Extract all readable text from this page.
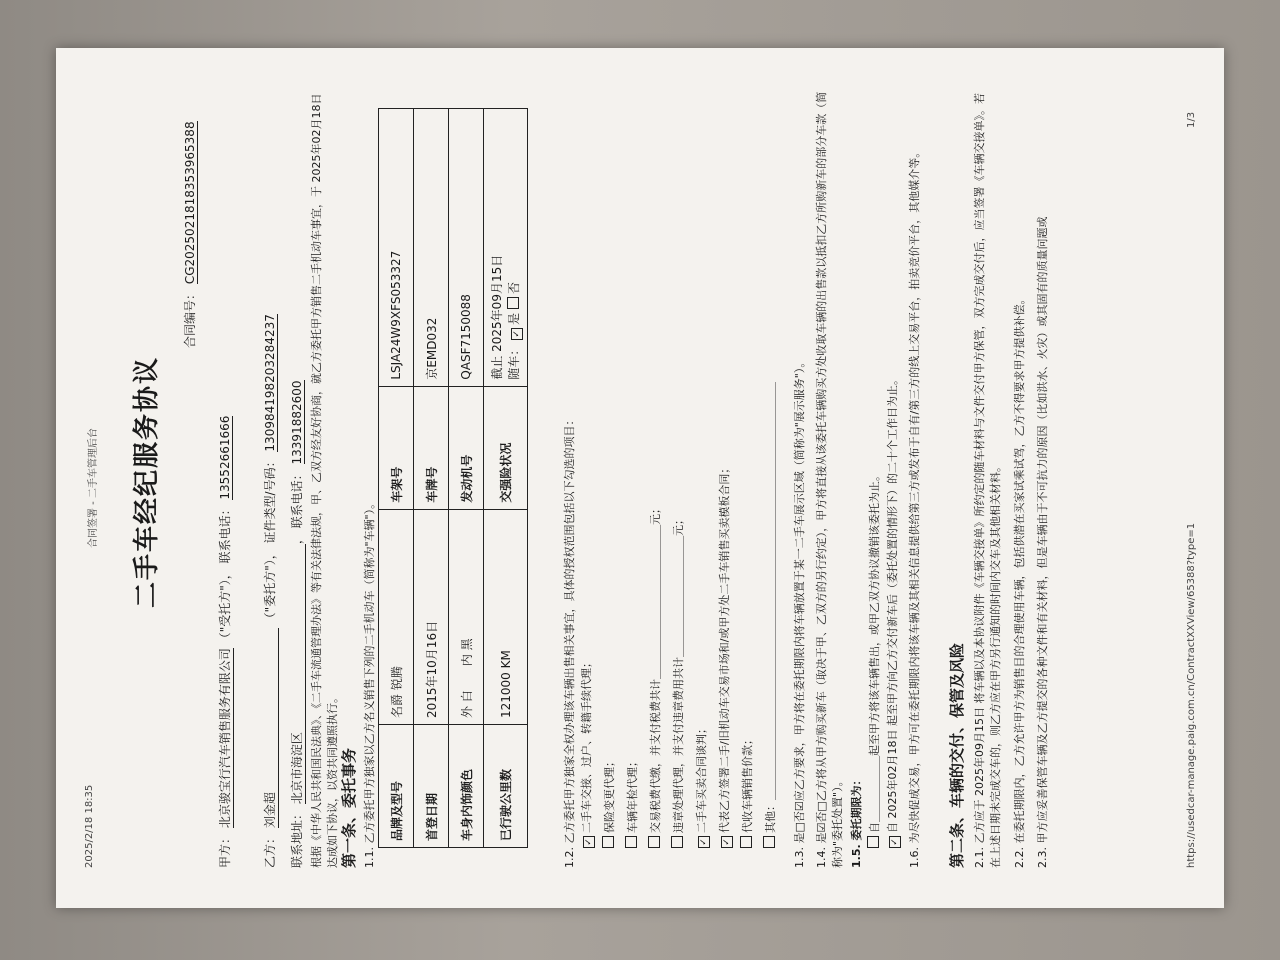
2025/2/18 18:35
合同签署 - 二手车管理后台 二手车经纪服务协议
合同编号： CG2025021818353965388
甲方： 北京骏宝行汽车销售服务有限公司 （"受托方"）， 联系电话： 13552661666
乙方： 刘金超 （"委托方"）， 证件类型/号码： 130984198203284237
联系地址： 北京市海淀区， 联系电话： 13391882600 根据《中华人民共和国民法典》、《二手车流通管理办法》等有关法律法规，甲、乙双方经友好协商，就乙方委托甲方销售二手机动车事宜，于 2025年02月18日 达成如下协议，以资共同遵照执行。 第一条、委托事务 1.1. 乙方委托甲方独家以乙方名义销售下列的二手机动车（简称为"车辆"）。 品牌及型号	名爵 锐腾	车架号	LSJA24W9XFS053327
首登日期	2015年10月16日	车牌号	京EMD032
车身内饰颜色	外 白　　内 黑	发动机号	QASF7150088
已行驶公里数	121000 KM	交强险状况	截止 2025年09月15日 随车： ✓是 否
1.2. 乙方委托甲方独家全权办理该车辆出售相关事宜，具体的授权范围包括以下勾选的项目： ✓二手车交接、过户、转籍手续代理； 保险变更代理； 车辆年检代理； 交易税费代缴，并支付税费共计＿＿＿＿＿＿＿＿＿＿＿＿＿＿元； 违章处理代理，并支付违章费用共计＿＿＿＿＿＿＿＿＿＿＿元；
✓二手车买卖合同谈判；
✓代表乙方签署二手/旧机动车交易市场和/或甲方处二手车销售买卖模板合同； 代收车辆销售价款； 其他：＿＿＿＿＿＿＿＿＿＿＿＿＿＿＿＿＿＿＿＿＿＿＿＿＿＿＿＿＿＿＿＿＿＿＿＿＿＿	1.3. 是□否☑应乙方要求，甲方将在委托期限内将车辆放置于某一二手车展示区域（简称为"展示服务"）。 1.4. 是☑否□乙方将从甲方购买新车（取决于甲、乙双方的另行约定），甲方将直接从该委托车辆购买方处收取车辆的出售款以抵扣乙方所购新车的部分车款（简称为"委托处置"）。 1.5. 委托期限为： 自＿＿＿＿＿＿起至甲方将该车辆售出，或甲乙双方协议撤销该委托为止。
✓自 2025年02月18日 起至甲方向乙方交付新车后（委托处置的情形下）的二十个工作日为止。 1.6. 为尽快促成交易，甲方可在委托期限内将该车辆及其相关信息提供给第三方或发布于自有/第三方的线上交易平台，拍卖竞价平台，其他媒介等。 第二条、车辆的交付、保管及风险 2.1. 乙方应于 2025年09月15日 将车辆以及本协议附件《车辆交接单》所约定的随车材料与文件交付甲方保管，双方完成交付后，应当签署《车辆交接单》。若在上述日期未完成交车的，则乙方应在甲方另行通知的时间内交车及其他相关材料。 2.2. 在委托期限内，乙方允许甲方为销售目的合理使用车辆，包括供潜在买家试乘试驾，乙方不得要求甲方提供补偿。 2.3. 甲方应妥善保管车辆及乙方提交的各种文件和有关材料，但是车辆由于不可抗力的原因（比如洪水、火灾）或其固有的质量问题或	https://usedcar-manage.paig.com.cn/ContractXXView/65388?type=1
1/3
